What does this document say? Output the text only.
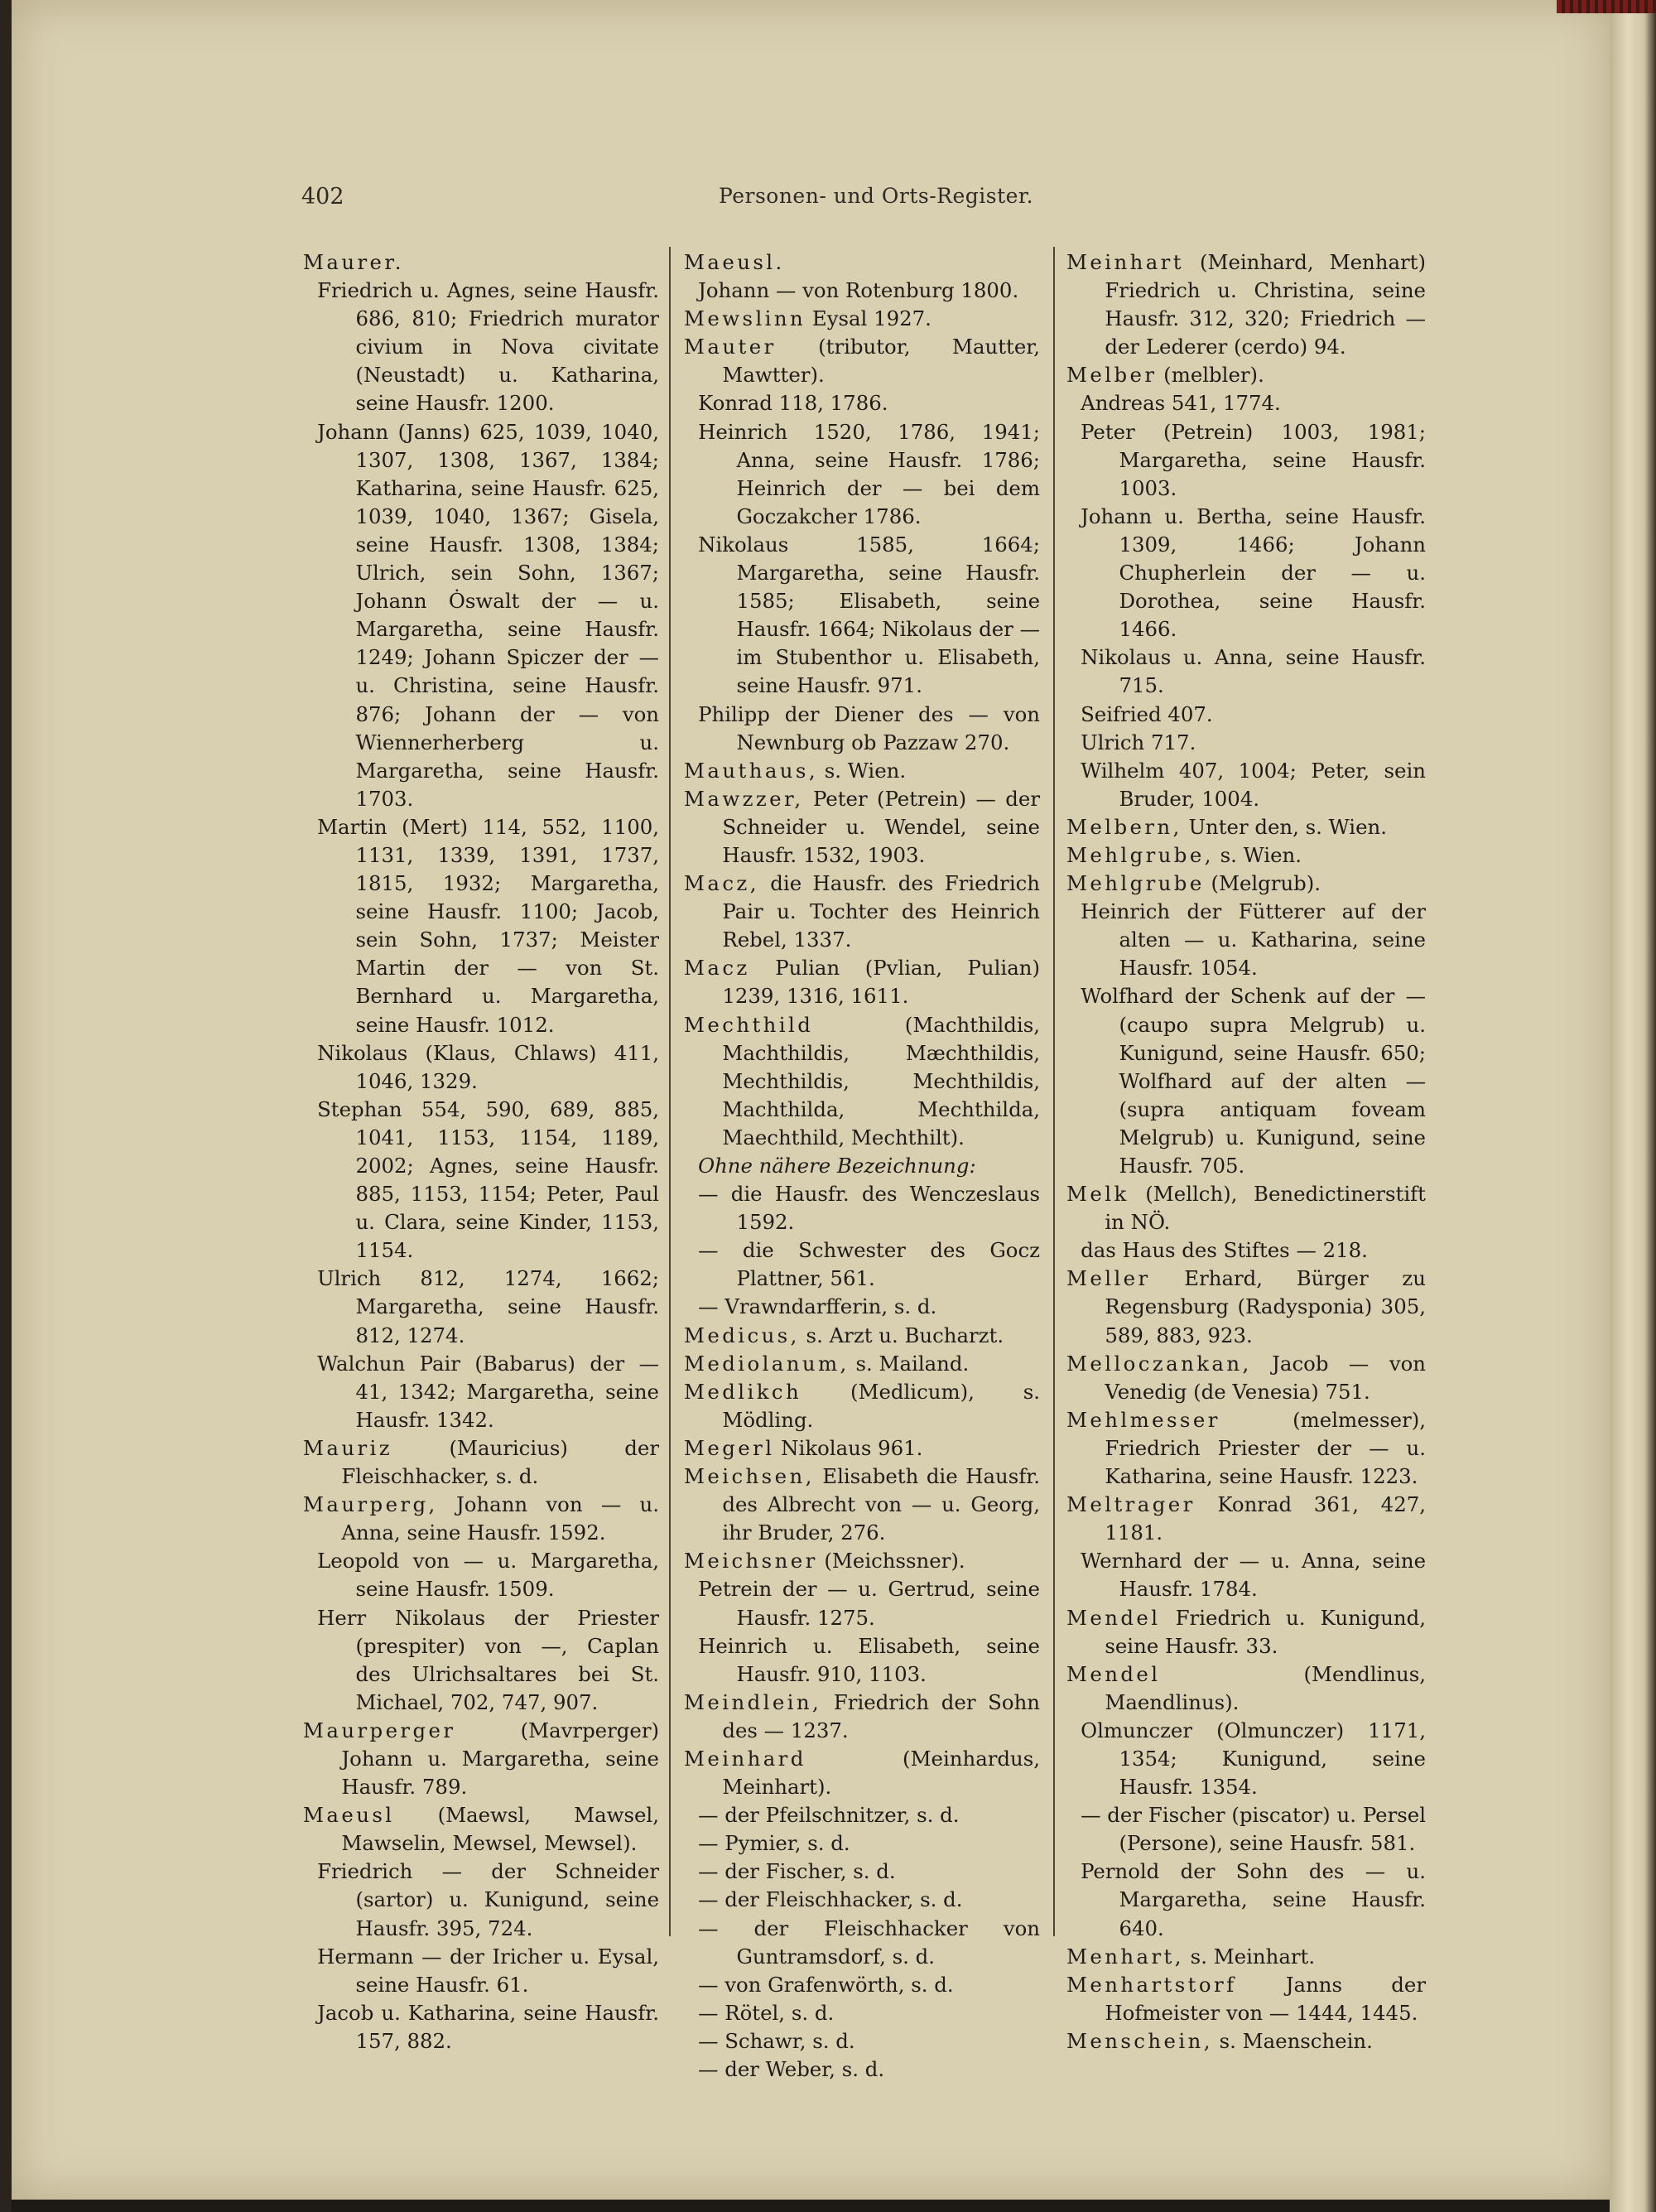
402	Personen- und Orts-Register.

Maurer.

Friedrich u. Agnes, seine Hausfr. 686, 810; Friedrich murator civium in Nova civitate (Neustadt) u. Katharina, seine Hausfr. 1200.

Johann (Janns) 625, 1039, 1040, 1307, 1308, 1367, 1384; Katharina, seine Hausfr. 625, 1039, 1040, 1367; Gisela, seine Hausfr. 1308, 1384; Ulrich, sein Sohn, 1367; Johann Ȯswalt der — u. Margaretha, seine Hausfr. 1249; Johann Spiczer der — u. Christina, seine Hausfr. 876; Johann der — von Wiennerherberg u. Margaretha, seine Hausfr. 1703.

Martin (Mert) 114, 552, 1100, 1131, 1339, 1391, 1737, 1815, 1932; Margaretha, seine Hausfr. 1100; Jacob, sein Sohn, 1737; Meister Martin der — von St. Bernhard u. Margaretha, seine Hausfr. 1012.

Nikolaus (Klaus, Chlaws) 411, 1046, 1329.

Stephan 554, 590, 689, 885, 1041, 1153, 1154, 1189, 2002; Agnes, seine Hausfr. 885, 1153, 1154; Peter, Paul u. Clara, seine Kinder, 1153, 1154.

Ulrich 812, 1274, 1662; Margaretha, seine Hausfr. 812, 1274.

Walchun Pair (Babarus) der — 41, 1342; Margaretha, seine Hausfr. 1342.

Mauriz (Mauricius) der Fleischhacker, s. d.

Maurperg, Johann von — u. Anna, seine Hausfr. 1592.

Leopold von — u. Margaretha, seine Hausfr. 1509.

Herr Nikolaus der Priester (prespiter) von —, Caplan des Ulrichsaltares bei St. Michael, 702, 747, 907.

Maurperger (Mavrperger) Johann u. Margaretha, seine Hausfr. 789.

Maeusl (Maewsl, Mawsel, Mawselin, Mewsel, Mewsel).

Friedrich — der Schneider (sartor) u. Kunigund, seine Hausfr. 395, 724.

Hermann — der Iricher u. Eysal, seine Hausfr. 61.

Jacob u. Katharina, seine Hausfr. 157, 882.

Maeusl.

Johann — von Rotenburg 1800.

Mewslinn Eysal 1927.

Mauter (tributor, Mautter, Mawtter).

Konrad 118, 1786.

Heinrich 1520, 1786, 1941; Anna, seine Hausfr. 1786; Heinrich der — bei dem Goczakcher 1786.

Nikolaus 1585, 1664; Margaretha, seine Hausfr. 1585; Elisabeth, seine Hausfr. 1664; Nikolaus der — im Stubenthor u. Elisabeth, seine Hausfr. 971.

Philipp der Diener des — von Newnburg ob Pazzaw 270.

Mauthaus, s. Wien.

Mawzzer, Peter (Petrein) — der Schneider u. Wendel, seine Hausfr. 1532, 1903.

Macz, die Hausfr. des Friedrich Pair u. Tochter des Heinrich Rebel, 1337.

Macz Pulian (Pvlian, Pulian) 1239, 1316, 1611.

Mechthild (Machthildis, Machthildis, Mæchthildis, Mechthildis, Mechthildis, Machthilda, Mechthilda, Maechthild, Mechthilt).

Ohne nähere Bezeichnung:

— die Hausfr. des Wenczeslaus 1592.

— die Schwester des Gocz Plattner, 561.

— Vrawndarfferin, s. d.

Medicus, s. Arzt u. Bucharzt.

Mediolanum, s. Mailand.

Medlikch (Medlicum), s. Mödling.

Megerl Nikolaus 961.

Meichsen, Elisabeth die Hausfr. des Albrecht von — u. Georg, ihr Bruder, 276.

Meichsner (Meichssner).

Petrein der — u. Gertrud, seine Hausfr. 1275.

Heinrich u. Elisabeth, seine Hausfr. 910, 1103.

Meindlein, Friedrich der Sohn des — 1237.

Meinhard (Meinhardus, Meinhart).

— der Pfeilschnitzer, s. d.

— Pymier, s. d.

— der Fischer, s. d.

— der Fleischhacker, s. d.

— der Fleischhacker von Guntramsdorf, s. d.

— von Grafenwörth, s. d.

— Rötel, s. d.

— Schawr, s. d.

— der Weber, s. d.

Meinhart (Meinhard, Menhart) Friedrich u. Christina, seine Hausfr. 312, 320; Friedrich — der Lederer (cerdo) 94.

Melber (melbler).

Andreas 541, 1774.

Peter (Petrein) 1003, 1981; Margaretha, seine Hausfr. 1003.

Johann u. Bertha, seine Hausfr. 1309, 1466; Johann Chupherlein der — u. Dorothea, seine Hausfr. 1466.

Nikolaus u. Anna, seine Hausfr. 715.

Seifried 407.

Ulrich 717.

Wilhelm 407, 1004; Peter, sein Bruder, 1004.

Melbern, Unter den, s. Wien.

Mehlgrube, s. Wien.

Mehlgrube (Melgrub).

Heinrich der Fütterer auf der alten — u. Katharina, seine Hausfr. 1054.

Wolfhard der Schenk auf der — (caupo supra Melgrub) u. Kunigund, seine Hausfr. 650; Wolfhard auf der alten — (supra antiquam foveam Melgrub) u. Kunigund, seine Hausfr. 705.

Melk (Mellch), Benedictinerstift in NÖ.

das Haus des Stiftes — 218.

Meller Erhard, Bürger zu Regensburg (Radysponia) 305, 589, 883, 923.

Melloczankan, Jacob — von Venedig (de Venesia) 751.

Mehlmesser (melmesser), Friedrich Priester der — u. Katharina, seine Hausfr. 1223.

Meltrager Konrad 361, 427, 1181.

Wernhard der — u. Anna, seine Hausfr. 1784.

Mendel Friedrich u. Kunigund, seine Hausfr. 33.

Mendel (Mendlinus, Maendlinus).

Olmunczer (Olmunczer) 1171, 1354; Kunigund, seine Hausfr. 1354.

— der Fischer (piscator) u. Persel (Persone), seine Hausfr. 581.

Pernold der Sohn des — u. Margaretha, seine Hausfr. 640.

Menhart, s. Meinhart.

Menhartstorf Janns der Hofmeister von — 1444, 1445.

Menschein, s. Maenschein.
